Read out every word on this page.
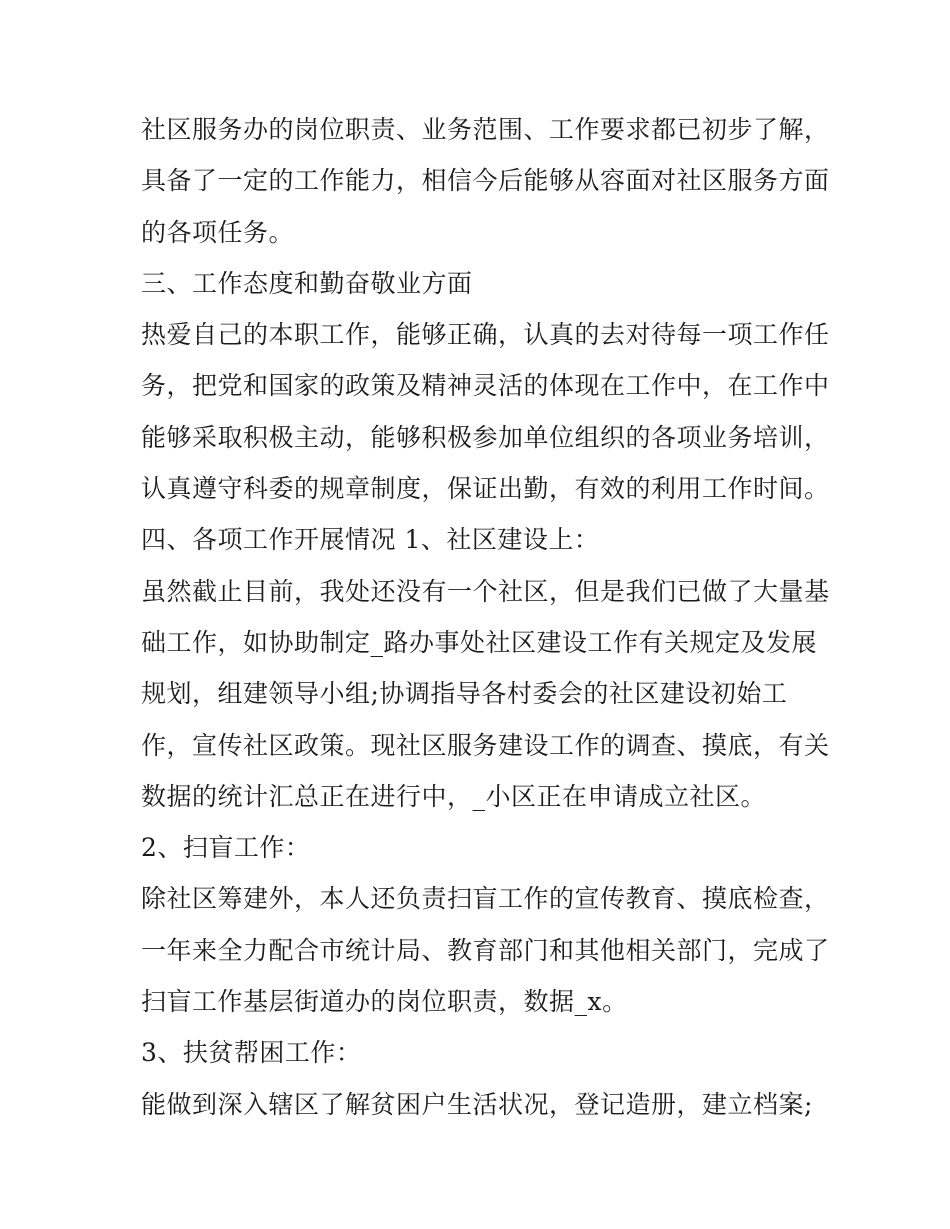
社区服务办的岗位职责、业务范围、工作要求都已初步了解，
具备了一定的工作能力，相信今后能够从容面对社区服务方面
的各项任务。
三、工作态度和勤奋敬业方面
热爱自己的本职工作，能够正确，认真的去对待每一项工作任
务，把党和国家的政策及精神灵活的体现在工作中，在工作中
能够采取积极主动，能够积极参加单位组织的各项业务培训，
认真遵守科委的规章制度，保证出勤，有效的利用工作时间。
四、各项工作开展情况 1、社区建设上：
虽然截止目前，我处还没有一个社区，但是我们已做了大量基
础工作，如协助制定_路办事处社区建设工作有关规定及发展
规划，组建领导小组;协调指导各村委会的社区建设初始工
作，宣传社区政策。现社区服务建设工作的调查、摸底，有关
数据的统计汇总正在进行中，_小区正在申请成立社区。
2、扫盲工作：
除社区筹建外，本人还负责扫盲工作的宣传教育、摸底检查，
一年来全力配合市统计局、教育部门和其他相关部门，完成了
扫盲工作基层街道办的岗位职责，数据_x。
3、扶贫帮困工作：
能做到深入辖区了解贫困户生活状况，登记造册，建立档案;
